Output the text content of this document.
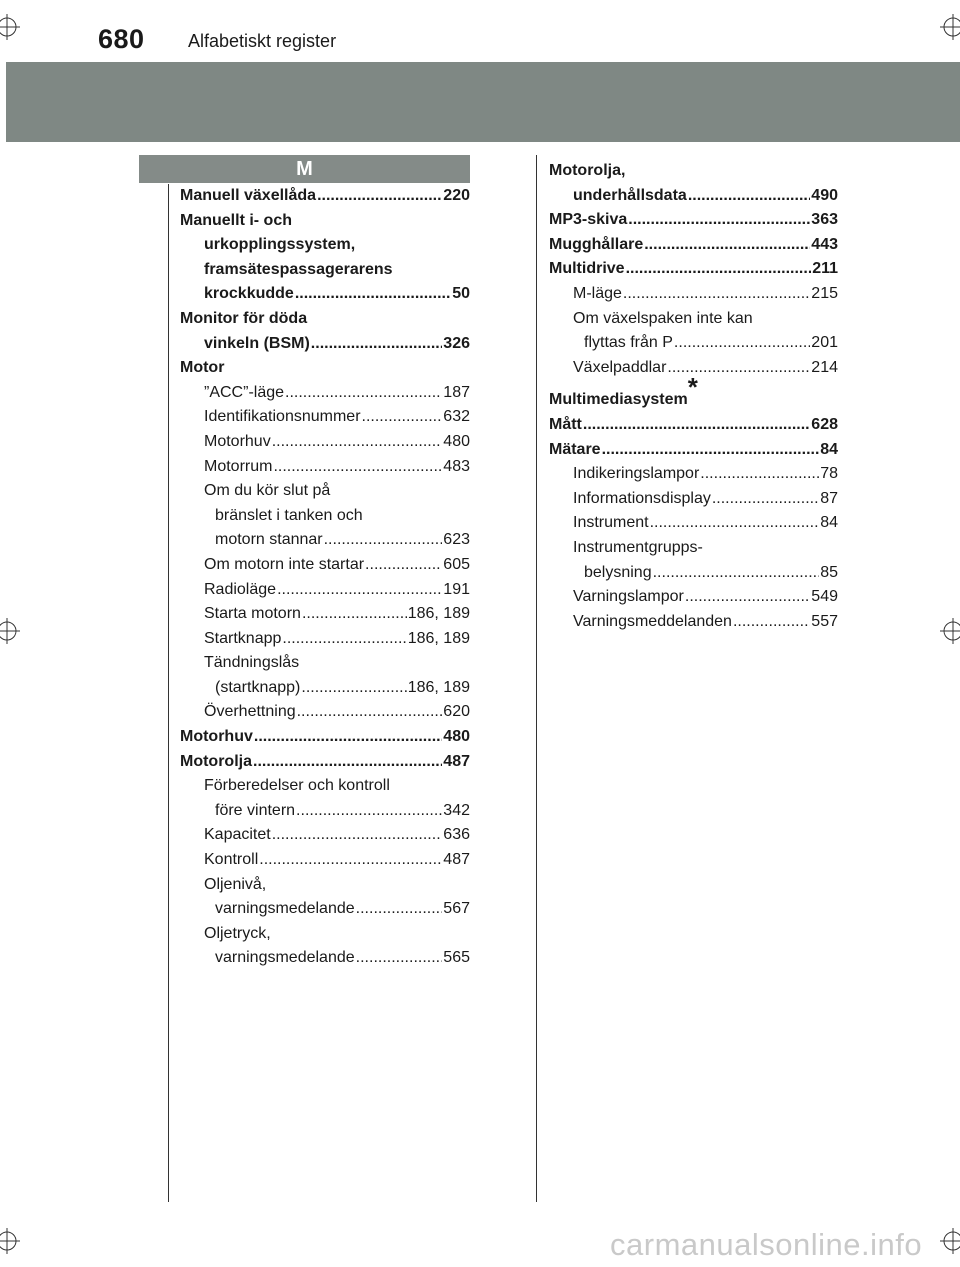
680 Alfabetiskt register
M
Manuell växellåda .....	220
Manuellt i- och
urkopplingssystem,
framsätespassagerarens
krockkudde .....	50
Monitor för döda
vinkeln (BSM) .....	326
Motor
”ACC”-läge .....	187
Identifikationsnummer .....	632
Motorhuv .....	480
Motorrum .....	483
Om du kör slut på
bränslet i tanken och
motorn stannar .....	623
Om motorn inte startar .....	605
Radioläge .....	191
Starta motorn .....	186, 189
Startknapp .....	186, 189
Tändningslås
(startknapp) .....	186, 189
Överhettning .....	620
Motorhuv .....	480
Motorolja .....	487
Förberedelser och kontroll
före vintern .....	342
Kapacitet .....	636
Kontroll .....	487
Oljenivå,
varningsmedelande .....	567
Oljetryck,
varningsmedelande .....	565
Motorolja,
underhållsdata .....	490
MP3-skiva .....	363
Mugghållare .....	443
Multidrive .....	211
M-läge .....	215
Om växelspaken inte kan
flyttas från P .....	201
Växelpaddlar .....	214
Multimediasystem*
Mått .....	628
Mätare .....	84
Indikeringslampor .....	78
Informationsdisplay .....	87
Instrument .....	84
Instrumentgrupps-
belysning .....	85
Varningslampor .....	549
Varningsmeddelanden .....	557
carmanualsonline.info
